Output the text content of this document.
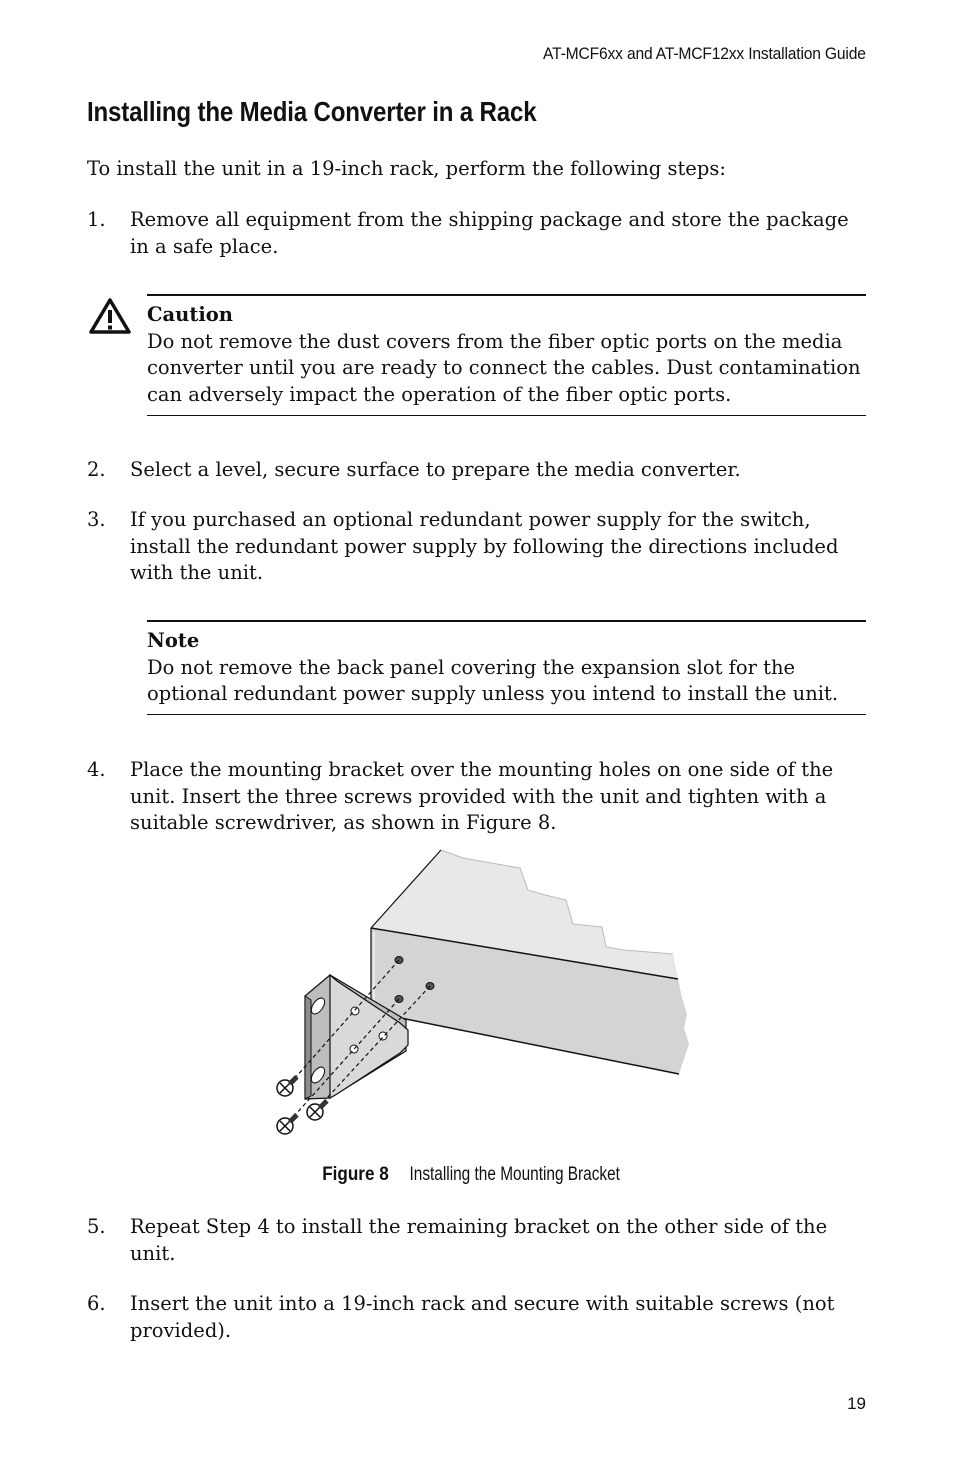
AT-MCF6xx and AT-MCF12xx Installation Guide
Installing the Media Converter in a Rack
To install the unit in a 19-inch rack, perform the following steps:
1. Remove all equipment from the shipping package and store the package in a safe place.
Caution
Do not remove the dust covers from the fiber optic ports on the media converter until you are ready to connect the cables. Dust contamination can adversely impact the operation of the fiber optic ports.
2. Select a level, secure surface to prepare the media converter.
3. If you purchased an optional redundant power supply for the switch, install the redundant power supply by following the directions included with the unit.
Note
Do not remove the back panel covering the expansion slot for the optional redundant power supply unless you intend to install the unit.
4. Place the mounting bracket over the mounting holes on one side of the unit. Insert the three screws provided with the unit and tighten with a suitable screwdriver, as shown in Figure 8.
Figure 8 Installing the Mounting Bracket
5. Repeat Step 4 to install the remaining bracket on the other side of the unit.
6. Insert the unit into a 19-inch rack and secure with suitable screws (not provided).
19
